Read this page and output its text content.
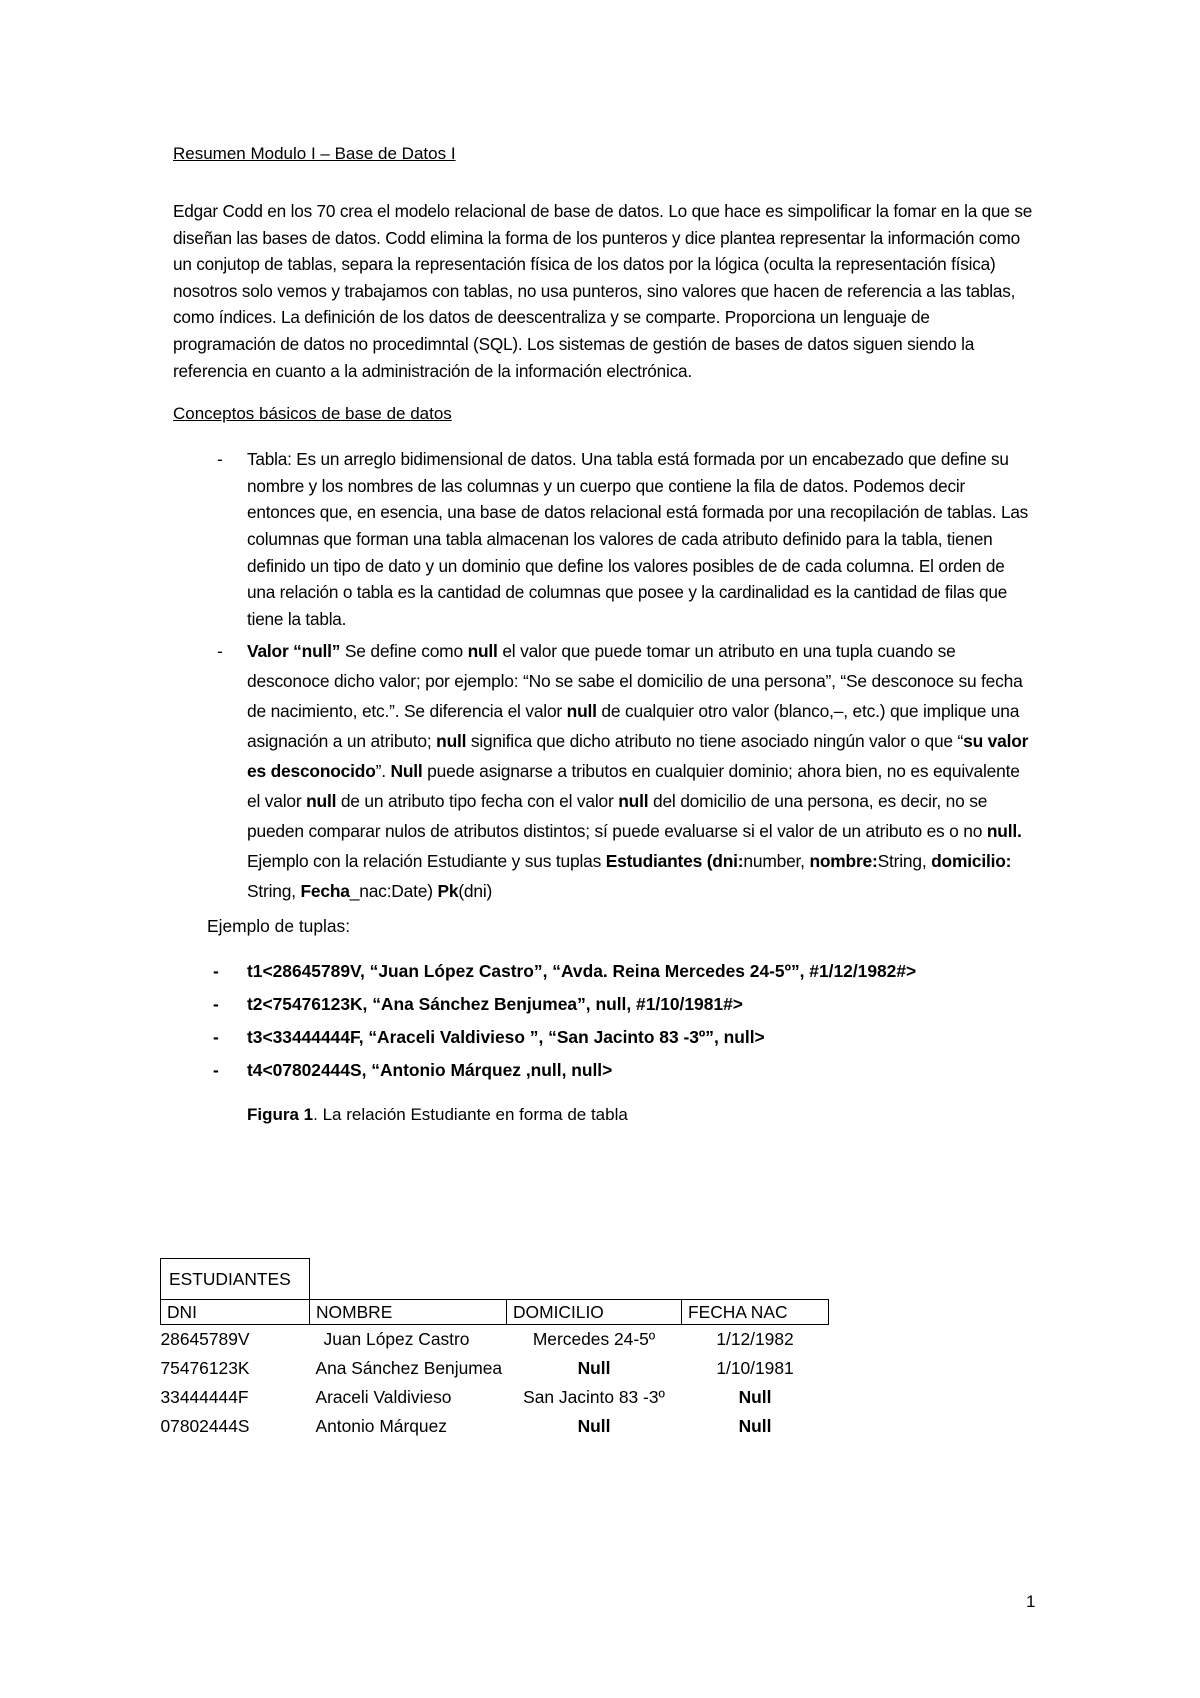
Resumen Modulo I – Base de Datos I

Edgar Codd en los 70 crea el modelo relacional de base de datos. Lo que hace es simpolificar la fomar en la que se diseñan las bases de datos. Codd elimina la forma de los punteros y dice plantea representar la información como un conjutop de tablas, separa la representación física de los datos por la lógica (oculta la representación física) nosotros solo vemos y trabajamos con tablas, no usa punteros, sino valores que hacen de referencia a las tablas, como índices. La definición de los datos de deescentraliza y se comparte. Proporciona un lenguaje de programación de datos no procedimntal (SQL). Los sistemas de gestión de bases de datos siguen siendo la referencia en cuanto a la administración de la información electrónica.

Conceptos básicos de base de datos
- Tabla: Es un arreglo bidimensional de datos. Una tabla está formada por un encabezado que define su nombre y los nombres de las columnas y un cuerpo que contiene la fila de datos. Podemos decir entonces que, en esencia, una base de datos relacional está formada por una recopilación de tablas. Las columnas que forman una tabla almacenan los valores de cada atributo definido para la tabla, tienen definido un tipo de dato y un dominio que define los valores posibles de de cada columna. El orden de una relación o tabla es la cantidad de columnas que posee y la cardinalidad es la cantidad de filas que tiene la tabla.
- Valor “null” Se define como null el valor que puede tomar un atributo en una tupla cuando se desconoce dicho valor; por ejemplo: “No se sabe el domicilio de una persona”, “Se desconoce su fecha de nacimiento, etc.”. Se diferencia el valor null de cualquier otro valor (blanco,–, etc.) que implique una asignación a un atributo; null significa que dicho atributo no tiene asociado ningún valor o que “su valor es desconocido”. Null puede asignarse a tributos en cualquier dominio; ahora bien, no es equivalente el valor null de un atributo tipo fecha con el valor null del domicilio de una persona, es decir, no se pueden comparar nulos de atributos distintos; sí puede evaluarse si el valor de un atributo es o no null. Ejemplo con la relación Estudiante y sus tuplas Estudiantes (dni:number, nombre:String, domicilio: String, Fecha_nac:Date) Pk(dni)
Ejemplo de tuplas:
- t1<28645789V, “Juan López Castro”, “Avda. Reina Mercedes 24-5º”, #1/12/1982#>
- t2<75476123K, “Ana Sánchez Benjumea”, null, #1/10/1981#>
- t3<33444444F, “Araceli Valdivieso ”, “San Jacinto 83 -3º”, null>
- t4<07802444S, “Antonio Márquez ,null, null>
Figura 1. La relación Estudiante en forma de tabla
ESTUDIANTES			
DNI	NOMBRE	DOMICILIO	FECHA NAC
28645789V	Juan López Castro	Mercedes 24-5º	1/12/1982
75476123K	Ana Sánchez Benjumea	Null	1/10/1981
33444444F	Araceli Valdivieso	San Jacinto 83 -3º	Null
07802444S	Antonio Márquez	Null	Null
1
